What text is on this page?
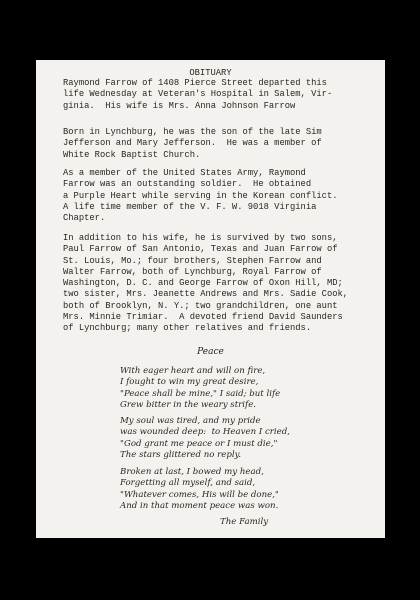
OBITUARY

Raymond Farrow of 1408 Pierce Street departed this
life Wednesday at Veteran's Hospital in Salem, Vir-
ginia.  His wife is Mrs. Anna Johnson Farrow

Born in Lynchburg, he was the son of the late Sim
Jefferson and Mary Jefferson.  He was a member of
White Rock Baptist Church.

As a member of the United States Army, Raymond
Farrow was an outstanding soldier.  He obtained
a Purple Heart while serving in the Korean conflict.
A life time member of the V. F. W. 9018 Virginia
Chapter.

In addition to his wife, he is survived by two sons,
Paul Farrow of San Antonio, Texas and Juan Farrow of
St. Louis, Mo.; four brothers, Stephen Farrow and
Walter Farrow, both of Lynchburg, Royal Farrow of
Washington, D. C. and George Farrow of Oxon Hill, MD;
two sister, Mrs. Jeanette Andrews and Mrs. Sadie Cook,
both of Brooklyn, N. Y.; two grandchildren, one aunt
Mrs. Minnie Trimiar.  A devoted friend David Saunders
of Lynchburg; many other relatives and friends.

Peace

With eager heart and will on fire,
I fought to win my great desire,
"Peace shall be mine," I said; but life
Grew bitter in the weary strife.

My soul was tired, and my pride
was wounded deep:  to Heaven I cried,
"God grant me peace or I must die,"
The stars glittered no reply.

Broken at last, I bowed my head,
Forgetting all myself, and said,
"Whatever comes, His will be done,"
And in that moment peace was won.

The Family
